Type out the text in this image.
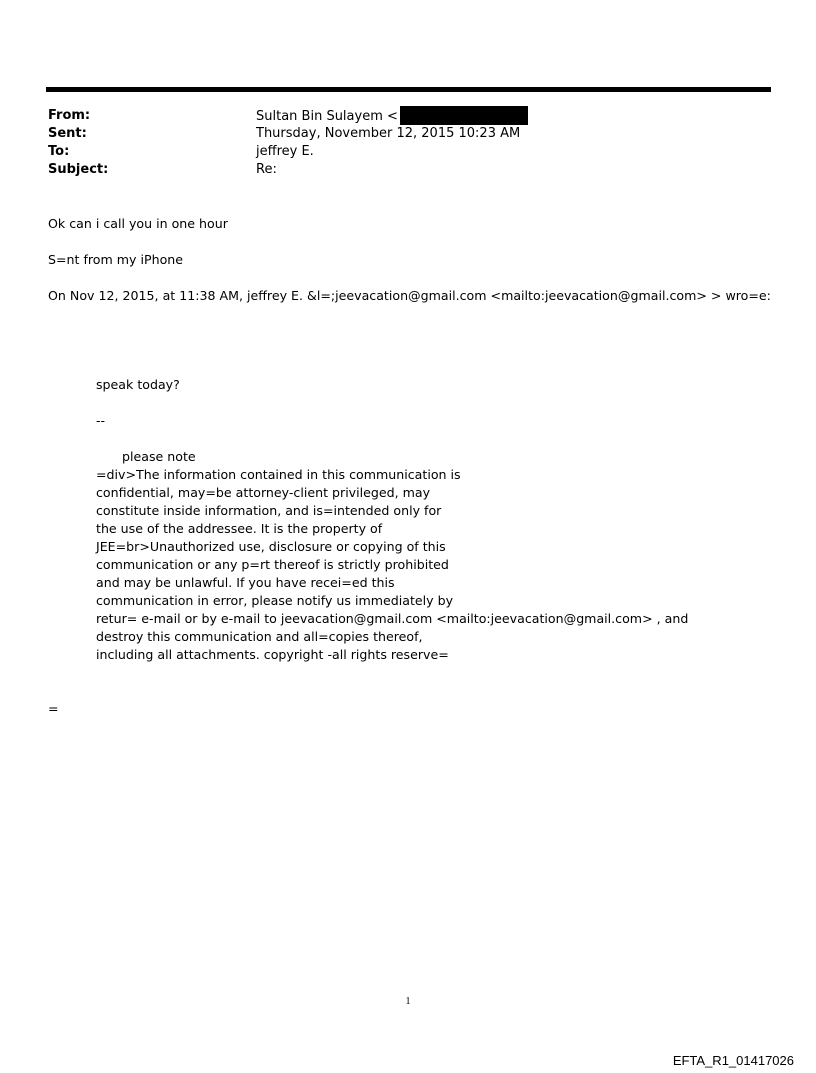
From:	Sultan Bin Sulayem <
Sent:	Thursday, November 12, 2015 10:23 AM
To:	jeffrey E.
Subject:	Re:
Ok can i call you in one hour
S=nt from my iPhone
On Nov 12, 2015, at 11:38 AM, jeffrey E. &l=;jeevacation@gmail.com <mailto:jeevacation@gmail.com> > wro=e:
speak today?
--
please note
=div>The information contained in this communication is
confidential, may=be attorney-client privileged, may
constitute inside information, and is=intended only for
the use of the addressee. It is the property of
JEE=br>Unauthorized use, disclosure or copying of this
communication or any p=rt thereof is strictly prohibited
and may be unlawful. If you have recei=ed this
communication in error, please notify us immediately by
retur= e-mail or by e-mail to jeevacation@gmail.com <mailto:jeevacation@gmail.com> , and
destroy this communication and all=copies thereof,
including all attachments. copyright -all rights reserve=
=
1
EFTA_R1_01417026
